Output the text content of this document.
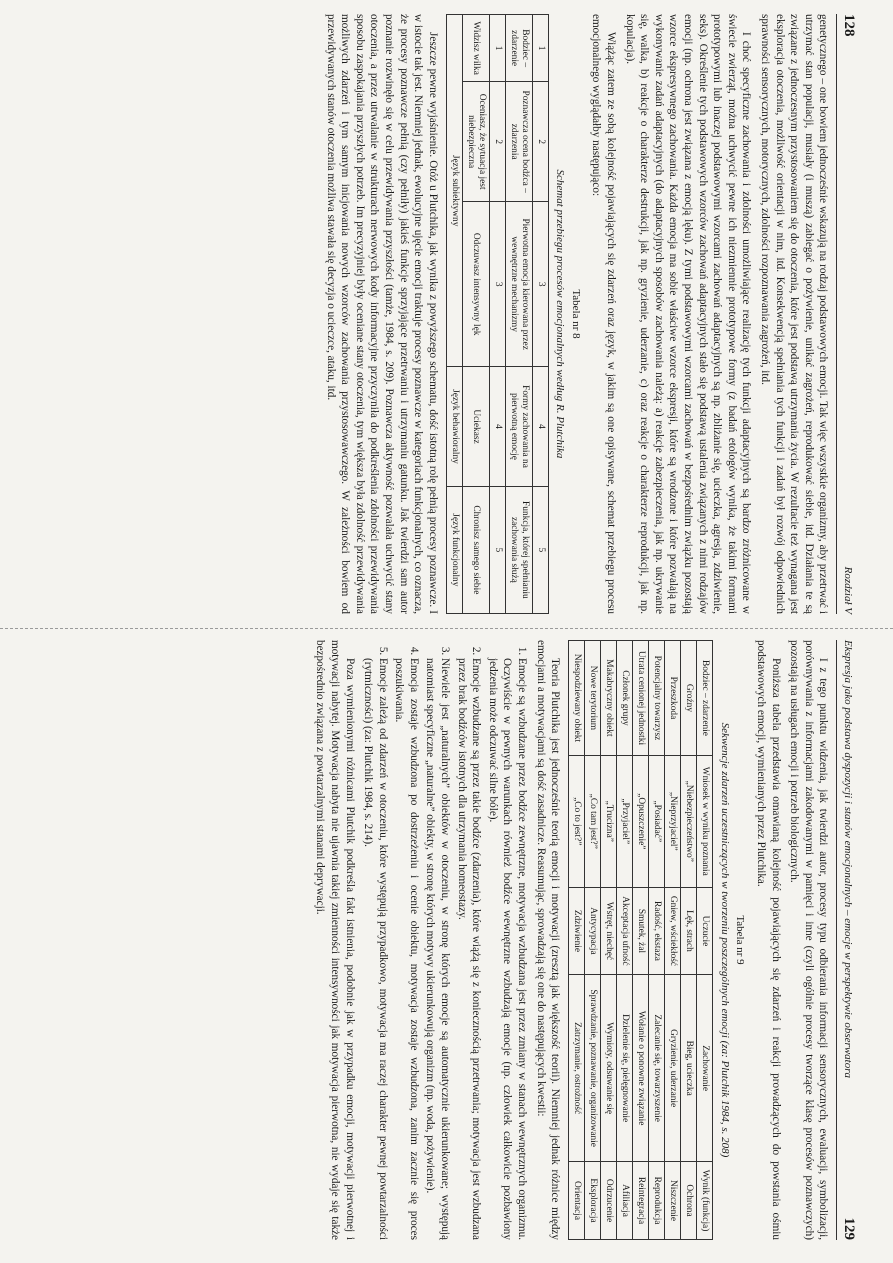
128
Rozdział V

genetycznego – one bowiem jednocześnie wskazują na rodzaj podstawowych emocji. Tak więc wszystkie organizmy, aby przetrwać i utrzymać stan populacji, musiały (i muszą) zabiegać o pożywienie, unikać zagrożeń, reprodukować siebie, itd. Działania te są związane z jednoczesnym przystosowaniem się do otoczenia, które jest podstawą utrzymania życia. W rezultacie też wynagana jest eksploracja otoczenia, możliwość orientacji w nim, itd. Konsekwencją spełniania tych funkcji i zadań był rozwój odpowiednich sprawności sensorycznych, motorycznych, zdolności rozpoznawania zagrożeń, itd.

I choć specyficzne zachowania i zdolności umożliwiające realizację tych funkcji adaptacyjnych są bardzo zróżnicowane w świecie zwierząt, można uchwycić pewne ich niezmiennie prototypowe formy (z badań etologów wynika, że takimi formami prototypowymi lub inaczej podstawowymi wzorcami zachowań adaptacyjnych są np. zbliżanie się, ucieczka, agresja, zdziwienie, seks). Określenie tych podstawowych wzorców zachowań adaptacyjnych stało się podstawą ustalenia związanych z nimi rodzajów emocji (np. ochrona jest związana z emocją lęku). Z tymi podstawowymi wzorcami zachowań w bezpośrednim związku pozostają wzorce ekspresywnego zachowania. Każda emocja ma sobie właściwe wzorce ekspresji, które są wrodzone i które pozwalają na wykonywanie zadań adaptacyjnych (do adaptacyjnych sposobów zachowania należą: a) reakcje zabezpieczenia, jak np. ukrywanie się, walka, b) reakcje o charakterze destrukcji, jak np. gryzienie, uderzanie, c) oraz reakcje o charakterze reprodukcji, jak np. kopulacja).

Wiążąc zatem ze sobą kolejność pojawiających się zdarzeń oraz język, w jakim są one opisywane, schemat przebiegu procesu emocjonalnego wyglądałby następująco:

Tabela nr 8
Schemat przebiegu procesów emocjonalnych według R. Plutchika
1	2	3	4	5
Bodziec – zdarzenie	Poznawcza ocena bodźca – zdarzenia	Pierwotna emocja kierowana przez wewnętrzne mechanizmy	Formy zachowania na pierwotną emocję	Funkcja, której spełnianiu zachowania służą
1	2	3	4	5
Widzisz wilka	Oceniasz, że sytuacja jest niebezpieczna	Odczuwasz intensywny lęk	Uciekasz	Chronisz samego siebie
Język subiektywny			Język behawioralny	Język funkcjonalny

Jeszcze pewne wyjaśnienie. Otóż u Plutchika, jak wynika z powyższego schematu, dość istotną rolę pełnią procesy poznawcze. I w istocie tak jest. Niemniej jednak, ewolucyjne ujęcie emocji traktuje procesy poznawcze w kategoriach funkcjonalnych, co oznacza, że procesy poznawcze pełnią (czy pełniły) jakieś funkcje sprzyjające przetrwaniu i utrzymaniu gatunku. Jak twierdzi sam autor poznanie rozwinęło się w celu przewidywania przyszłości (tamże, 1984, s. 209). Poznawcza aktywność pozwalała uchwycić stany otoczenia, a przez utrwalanie w strukturach nerwowych kody informacyjne przyczyniła do podkreślenia zdolności przewidywania sposobu zaspokajania przyszłych potrzeb. Im precyzyjniej były oceniane stany otoczenia, tym większa była zdolność przewidywania możliwych zdarzeń i tym samym inicjowania nowych wzorców zachowania przystosowawczego. W zależności bowiem od przewidywanych stanów otoczenia możliwa stawała się decyzja o ucieczce, ataku, itd.

Ekspresja jako podstawa dyspozycji i stanów emocjonalnych – emocje w perspektywie obserwatora
129

I z tego punktu widzenia, jak twierdzi autor, procesy typu odbierania informacji sensorycznych, ewaluacji, symbolizacji, porównywania z informacjami zakodowanymi w pamięci i inne (czyli ogólnie procesy tworzące klasę procesów poznawczych) pozostają na usługach emocji i potrzeb biologicznych.

Poniższa tabela przedstawia omawianą kolejność pojawiających się zdarzeń i reakcji prowadzących do powstania ośmiu podstawowych emocji, wymienianych przez Plutchika.

Tabela nr 9
Sekwencje zdarzeń uczestniczących w tworzeniu poszczególnych emocji (za: Plutchik 1984, s. 208)
Bodziec – zdarzenie	Wniosek w wyniku poznania	Uczucie	Zachowanie	Wynik (funkcja)
Groźny	„Niebezpieczeństwo”	Lęk, strach	Bieg, ucieczka	Ochrona
Przeszkoda	„Nieprzyjaciel”	Gniew, wściekłość	Gryzienie, uderzanie	Niszczenie
Potencjalny towarzysz	„Posiadać”	Radość, ekstaza	Zalecanie się, towarzyszenie	Reprodukcja
Utrata cenionej jednostki	„Opuszczenie”	Smutek, żal	Wołanie o ponowne związanie	Reintegracja
Członek grupy	„Przyjaciel”	Akceptacja ufność	Dzielenie się, pielęgnowanie	Afiliacja
Makabryczny obiekt	„Trucizna”	Wstręt, niechęć	Wymioty, odsuwanie się	Odrzucenie
Nowe terytorium	„Co tam jest?”	Antycypacja	Sprawdzanie, poznawanie, organizowanie	Eksploracja
Niespodziewany obiekt	„Co to jest?”	Zdziwienie	Zatrzymanie, ostrożność	Orientacja

Teoria Plutchika jest jednocześnie teorią emocji i motywacji (zresztą jak większość teorii). Niemniej jednak różnice między emocjami a motywacjami są dość zasadnicze. Reasumując, sprowadzają się one do następujących kwestii:

1. Emocje są wzbudzane przez bodźce zewnętrzne, motywacja wzbudzana jest przez zmiany w stanach wewnętrznych organizmu. Oczywiście w pewnych warunkach również bodźce wewnętrzne wzbudzają emocje (np. człowiek całkowicie pozbawiony jedzenia może odczuwać silne bóle).
2. Emocje wzbudzane są przez takie bodźce (zdarzenia), które wiążą się z koniecznością przetrwania; motywacja jest wzbudzana przez brak bodźców istotnych dla utrzymania homeostazy.
3. Niewiele jest „naturalnych” obiektów w otoczeniu, w stronę których emocje są automatycznie ukierunkowane; występują natomiast specyficzne „naturalne” obiekty, w stronę których motywy ukierunkowują organizm (np. woda, pożywienie).
4. Emocja zostaje wzbudzona po dostrzeżeniu i ocenie obiektu, motywacja zostaje wzbudzona, zanim zacznie się proces poszukiwania.
5. Emocje zależą od zdarzeń w otoczeniu, które występują przypadkowo, motywacja ma raczej charakter pewnej powtarzalności (rytmiczności) (za: Plutchik 1984, s. 214).

Poza wymienionymi różnicami Plutchik podkreśla fakt istnienia, podobnie jak w przypadku emocji, motywacji pierwotnej i motywacji nabytej. Motywacja nabyta nie ujawnia takiej zmienności intensywności jak motywacja pierwotna, nie wydaje się także bezpośrednio związana z powtarzalnymi stanami deprywacji.
